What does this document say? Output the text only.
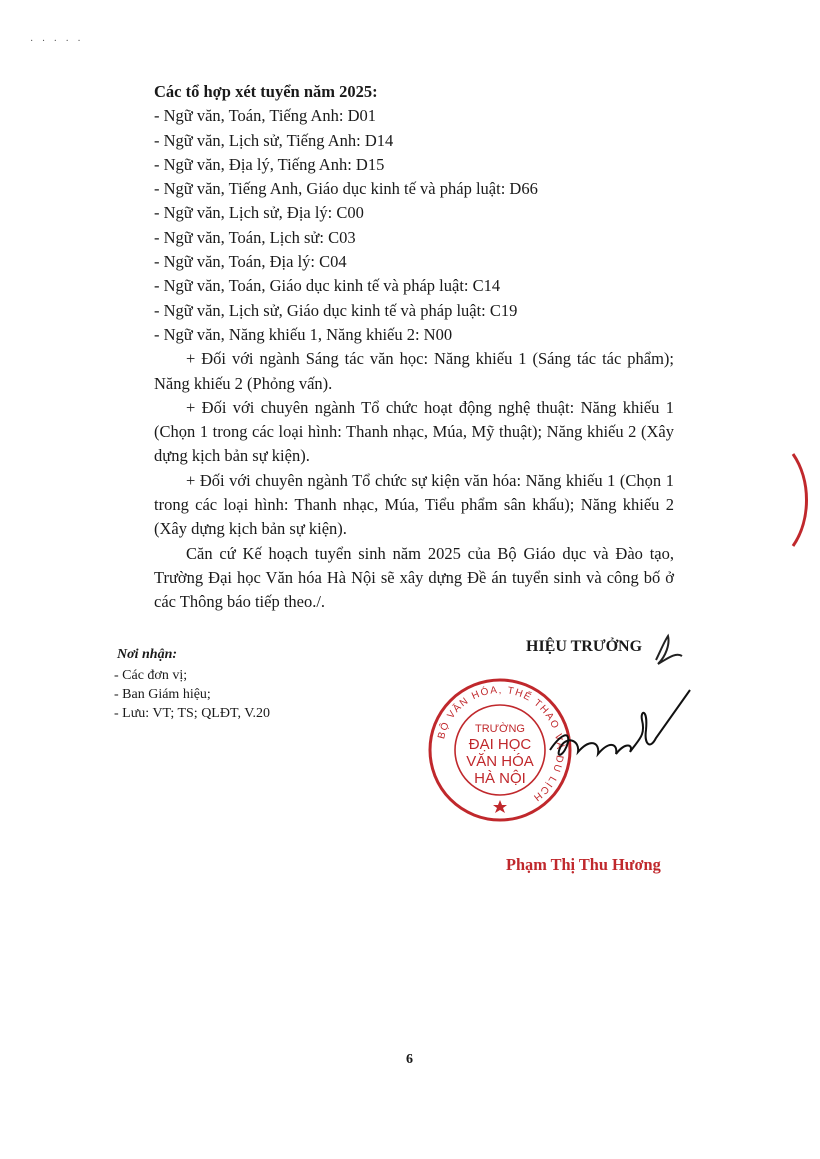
· · · · ·

Các tổ hợp xét tuyển năm 2025:

- Ngữ văn, Toán, Tiếng Anh: D01

- Ngữ văn, Lịch sử, Tiếng Anh: D14

- Ngữ văn, Địa lý, Tiếng Anh: D15

- Ngữ văn, Tiếng Anh, Giáo dục kinh tế và pháp luật: D66

- Ngữ văn, Lịch sử, Địa lý: C00

- Ngữ văn, Toán, Lịch sử: C03

- Ngữ văn, Toán, Địa lý: C04

- Ngữ văn, Toán, Giáo dục kinh tế và pháp luật: C14

- Ngữ văn, Lịch sử, Giáo dục kinh tế và pháp luật: C19

- Ngữ văn, Năng khiếu 1, Năng khiếu 2: N00

+ Đối với ngành Sáng tác văn học: Năng khiếu 1 (Sáng tác tác phẩm); Năng khiếu 2 (Phỏng vấn).

+ Đối với chuyên ngành Tổ chức hoạt động nghệ thuật: Năng khiếu 1 (Chọn 1 trong các loại hình: Thanh nhạc, Múa, Mỹ thuật); Năng khiếu 2 (Xây dựng kịch bản sự kiện).

+ Đối với chuyên ngành Tổ chức sự kiện văn hóa: Năng khiếu 1 (Chọn 1 trong các loại hình: Thanh nhạc, Múa, Tiểu phẩm sân khấu); Năng khiếu 2 (Xây dựng kịch bản sự kiện).

Căn cứ Kế hoạch tuyển sinh năm 2025 của Bộ Giáo dục và Đào tạo, Trường Đại học Văn hóa Hà Nội sẽ xây dựng Đề án tuyển sinh và công bố ở các Thông báo tiếp theo./.

Nơi nhận:

- Các đơn vị;

- Ban Giám hiệu;

- Lưu: VT; TS; QLĐT, V.20

HIỆU TRƯỞNG
BỘ VĂN HÓA, THỂ THAO VÀ DU LỊCH
TRƯỜNG
ĐẠI HỌC
VĂN HÓA
HÀ NỘI
Phạm Thị Thu Hương
6
